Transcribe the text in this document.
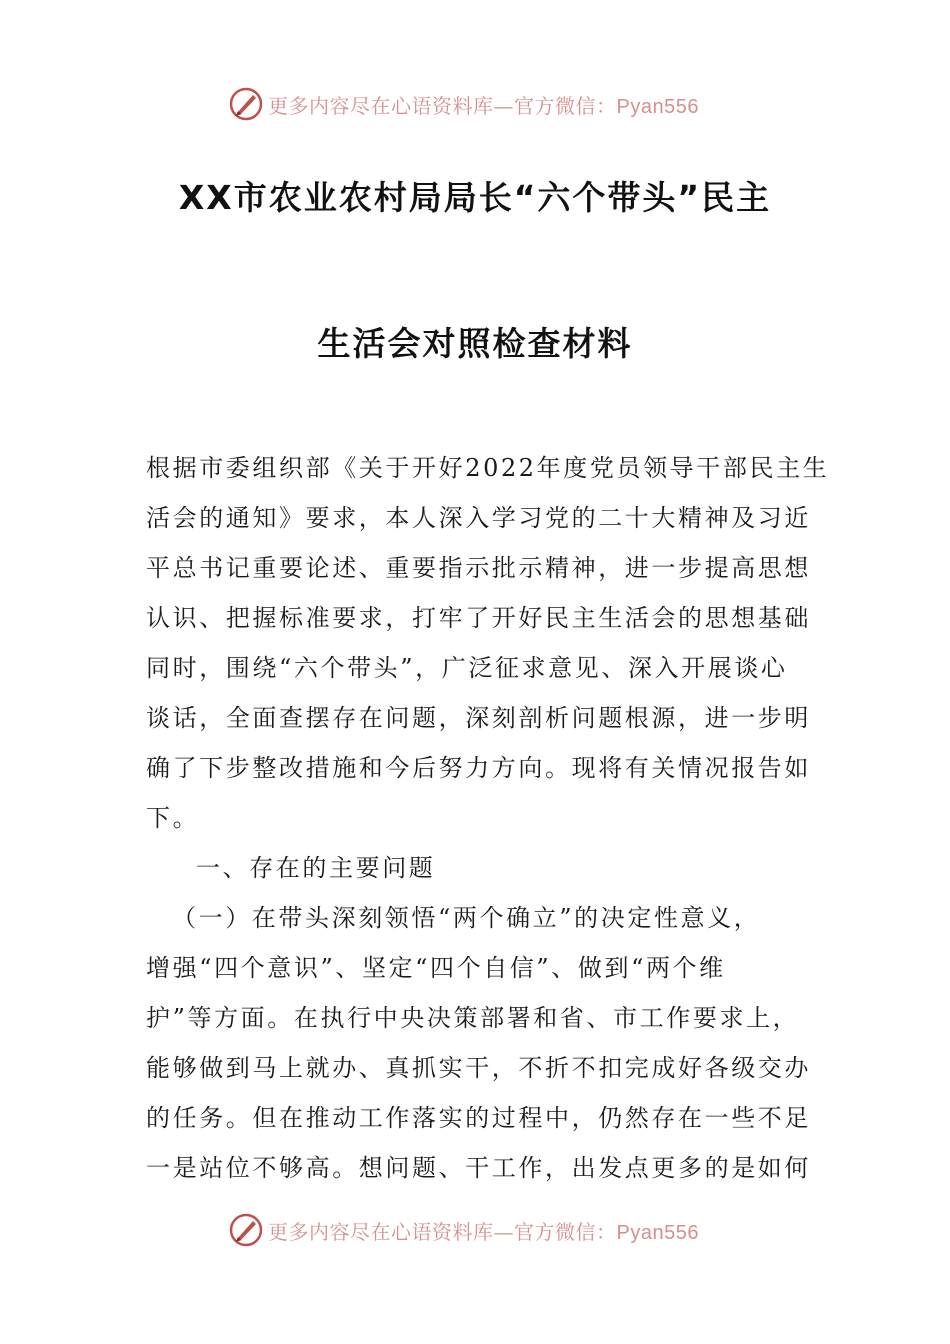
更多内容尽在心语资料库—官方微信：Pyan556
XX市农业农村局局长“六个带头”民主
生活会对照检查材料
根据市委组织部《关于开好2022年度党员领导干部民主生
活会的通知》要求，本人深入学习党的二十大精神及习近
平总书记重要论述、重要指示批示精神，进一步提高思想
认识、把握标准要求，打牢了开好民主生活会的思想基础
同时，围绕“六个带头”，广泛征求意见、深入开展谈心
谈话，全面查摆存在问题，深刻剖析问题根源，进一步明
确了下步整改措施和今后努力方向。现将有关情况报告如
下。
一、存在的主要问题
（一）在带头深刻领悟“两个确立”的决定性意义，
增强“四个意识”、坚定“四个自信”、做到“两个维
护”等方面。在执行中央决策部署和省、市工作要求上，
能够做到马上就办、真抓实干，不折不扣完成好各级交办
的任务。但在推动工作落实的过程中，仍然存在一些不足
一是站位不够高。想问题、干工作，出发点更多的是如何
更多内容尽在心语资料库—官方微信：Pyan556
